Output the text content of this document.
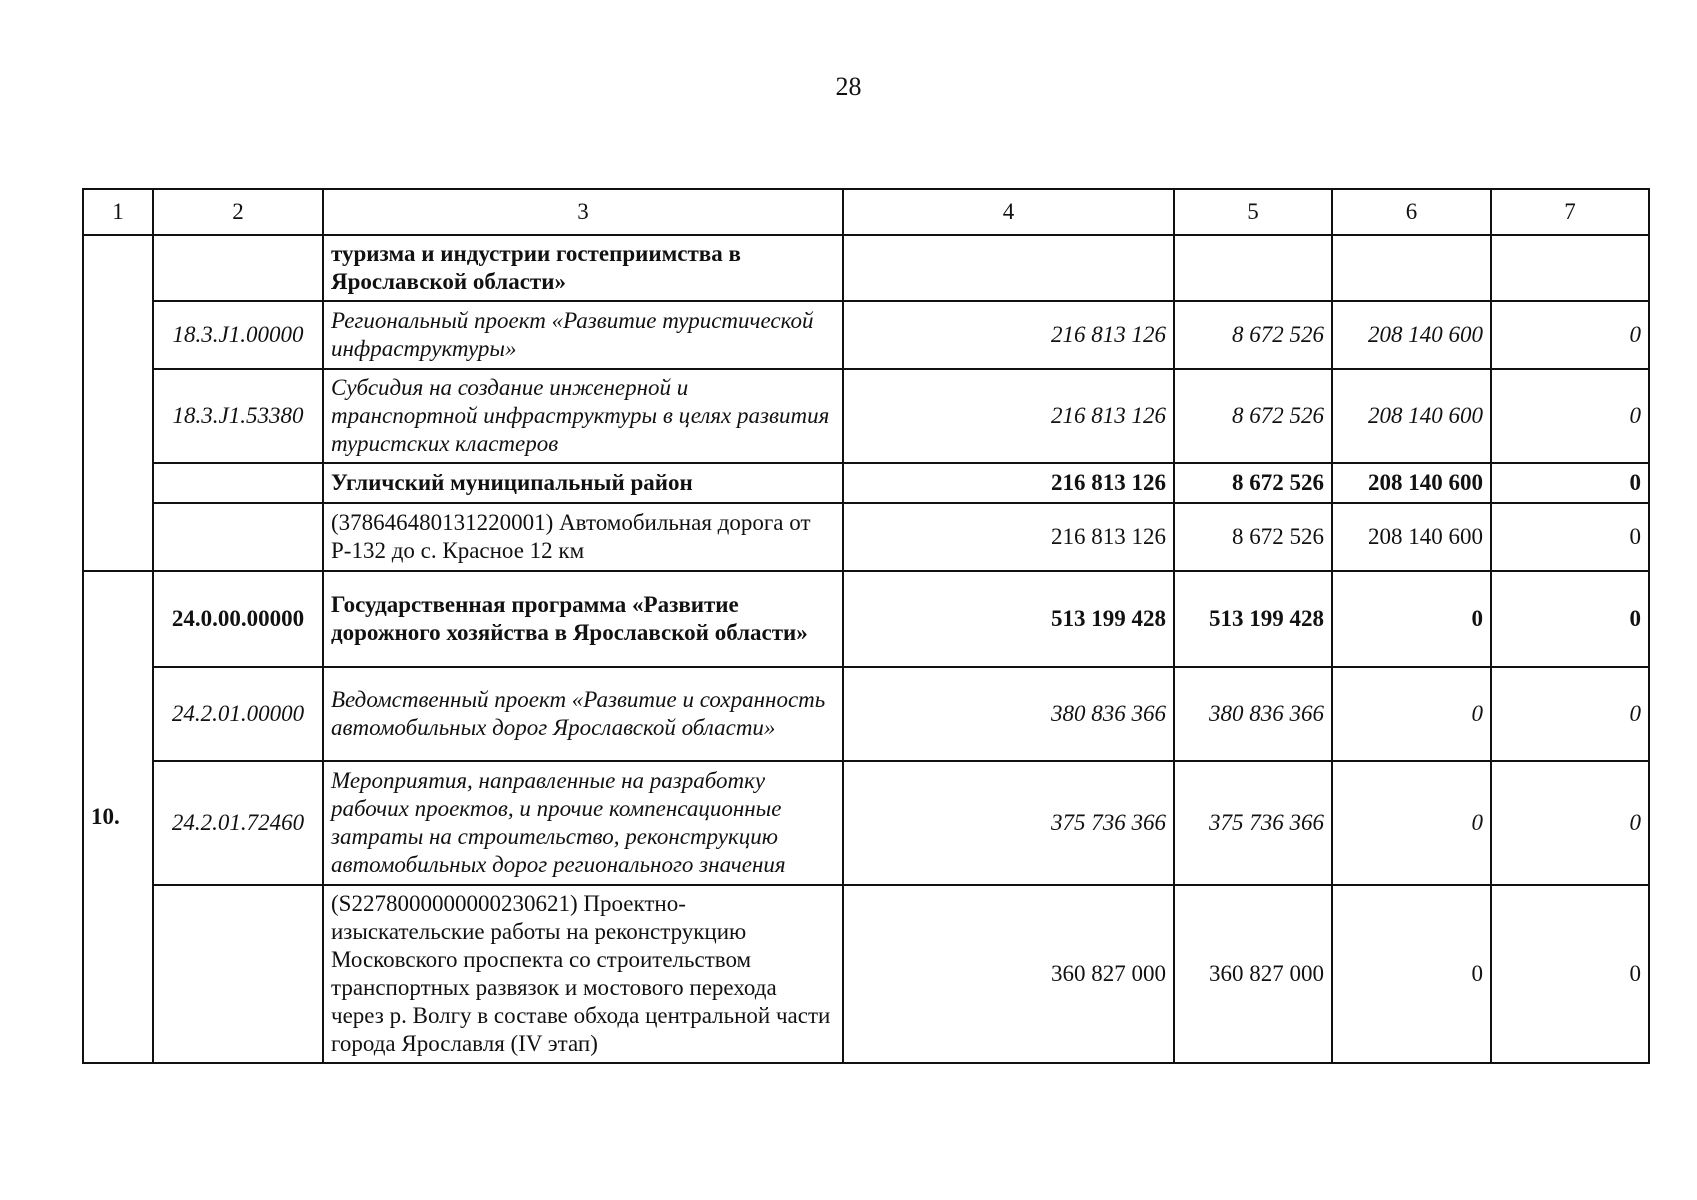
28
1	2	3	4	5	6	7
		туризма и индустрии гостеприимства в Ярославской области»				
	18.3.J1.00000	Региональный проект «Развитие туристической инфраструктуры»	216 813 126	8 672 526	208 140 600	0
	18.3.J1.53380	Субсидия на создание инженерной и транспортной инфраструктуры в целях развития туристских кластеров	216 813 126	8 672 526	208 140 600	0
		Угличский муниципальный район	216 813 126	8 672 526	208 140 600	0
		(378646480131220001) Автомобильная дорога от Р-132 до с. Красное 12 км	216 813 126	8 672 526	208 140 600	0
10.	24.0.00.00000	Государственная программа «Развитие дорожного хозяйства в Ярославской области»	513 199 428	513 199 428	0	0
	24.2.01.00000	Ведомственный проект «Развитие и сохранность автомобильных дорог Ярославской области»	380 836 366	380 836 366	0	0
	24.2.01.72460	Мероприятия, направленные на разработку рабочих проектов, и прочие компенсационные затраты на строительство, реконструкцию автомобильных дорог регионального значения	375 736 366	375 736 366	0	0
		(S2278000000000230621) Проектно-изыскательские работы на реконструкцию Московского проспекта со строительством транспортных развязок и мостового перехода через р. Волгу в составе обхода центральной части города Ярославля (IV этап)	360 827 000	360 827 000	0	0
